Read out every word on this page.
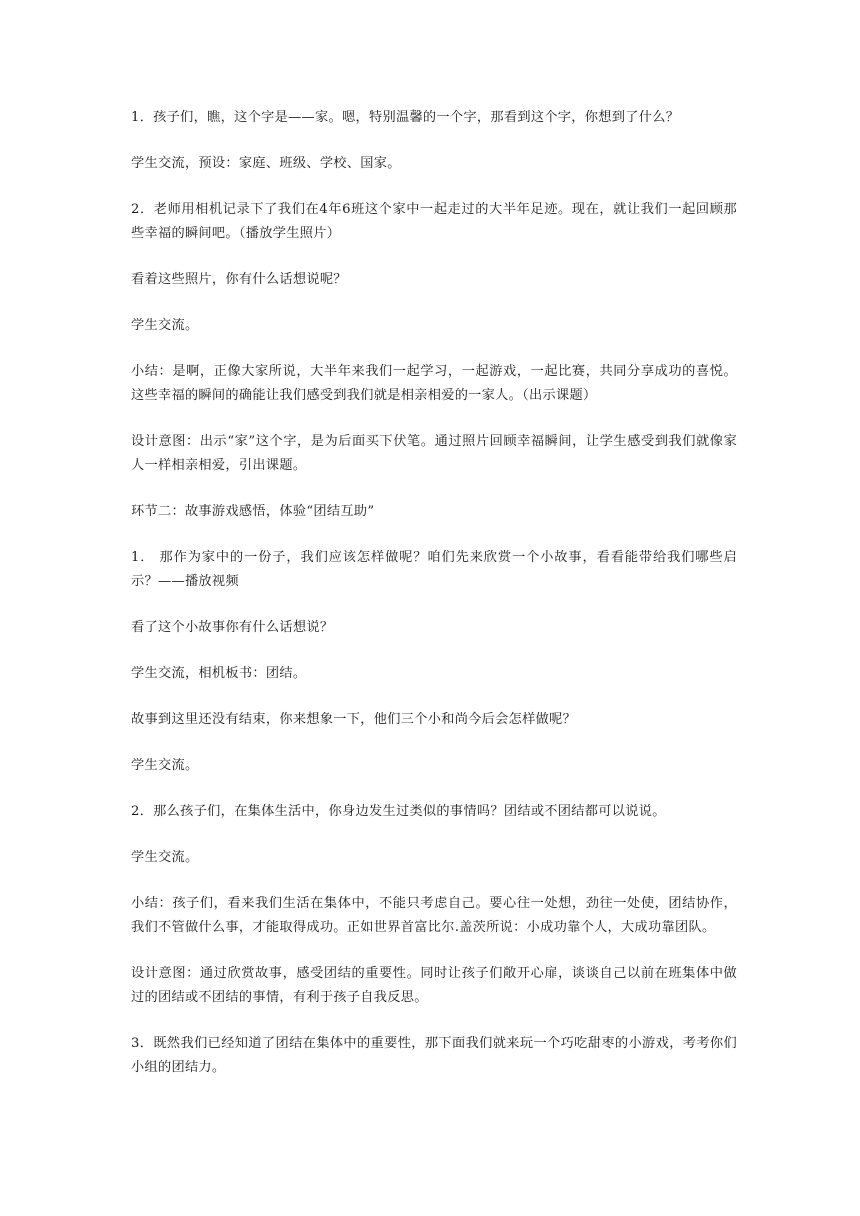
1．孩子们，瞧，这个字是——家。嗯，特别温馨的一个字，那看到这个字，你想到了什么？

学生交流，预设：家庭、班级、学校、国家。

2．老师用相机记录下了我们在4年6班这个家中一起走过的大半年足迹。现在，就让我们一起回顾那些幸福的瞬间吧。（播放学生照片）

看着这些照片，你有什么话想说呢？

学生交流。

小结：是啊，正像大家所说，大半年来我们一起学习，一起游戏，一起比赛，共同分享成功的喜悦。这些幸福的瞬间的确能让我们感受到我们就是相亲相爱的一家人。（出示课题）

设计意图：出示“家”这个字，是为后面买下伏笔。通过照片回顾幸福瞬间，让学生感受到我们就像家人一样相亲相爱，引出课题。

环节二：故事游戏感悟，体验“团结互助”

1． 那作为家中的一份子，我们应该怎样做呢？咱们先来欣赏一个小故事，看看能带给我们哪些启示？——播放视频

看了这个小故事你有什么话想说？

学生交流，相机板书：团结。

故事到这里还没有结束，你来想象一下，他们三个小和尚今后会怎样做呢？

学生交流。

2．那么孩子们，在集体生活中，你身边发生过类似的事情吗？团结或不团结都可以说说。

学生交流。

小结：孩子们，看来我们生活在集体中，不能只考虑自己。要心往一处想，劲往一处使，团结协作，我们不管做什么事，才能取得成功。正如世界首富比尔.盖茨所说：小成功靠个人，大成功靠团队。

设计意图：通过欣赏故事，感受团结的重要性。同时让孩子们敞开心扉，谈谈自己以前在班集体中做过的团结或不团结的事情，有利于孩子自我反思。

3．既然我们已经知道了团结在集体中的重要性，那下面我们就来玩一个巧吃甜枣的小游戏，考考你们小组的团结力。
